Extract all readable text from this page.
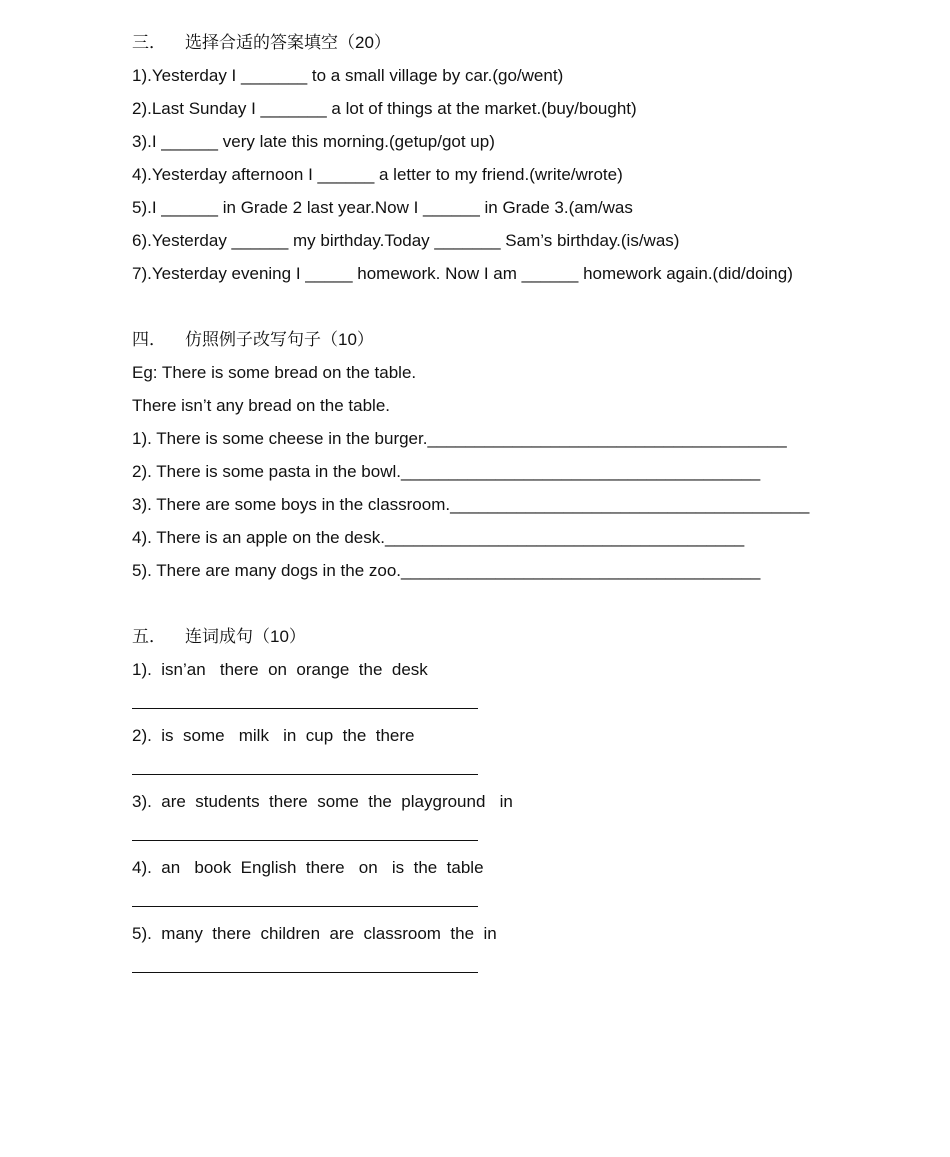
三． 选择合适的答案填空（20）
1).Yesterday I _______ to a small village by car.(go/went)
2).Last Sunday I _______ a lot of things at the market.(buy/bought)
3).I ______ very late this morning.(getup/got up)
4).Yesterday afternoon I ______ a letter to my friend.(write/wrote)
5).I ______ in Grade 2 last year.Now I ______ in Grade 3.(am/was
6).Yesterday ______ my birthday.Today _______ Sam’s birthday.(is/was)
7).Yesterday evening I _____ homework. Now I am ______ homework again.(did/doing)
四． 仿照例子改写句子（10）
Eg: There is some bread on the table.
There isn’t any bread on the table.
1). There is some cheese in the burger.______________________________________
2). There is some pasta in the bowl.______________________________________
3). There are some boys in the classroom.______________________________________
4). There is an apple on the desk.______________________________________
5). There are many dogs in the zoo.______________________________________
五． 连词成句（10）
1).  isn’an   there  on  orange  the  desk
2).  is  some   milk   in  cup  the  there
3).  are  students  there  some  the  playground   in
4).  an   book  English  there   on   is  the  table
5).  many  there  children  are  classroom  the  in
